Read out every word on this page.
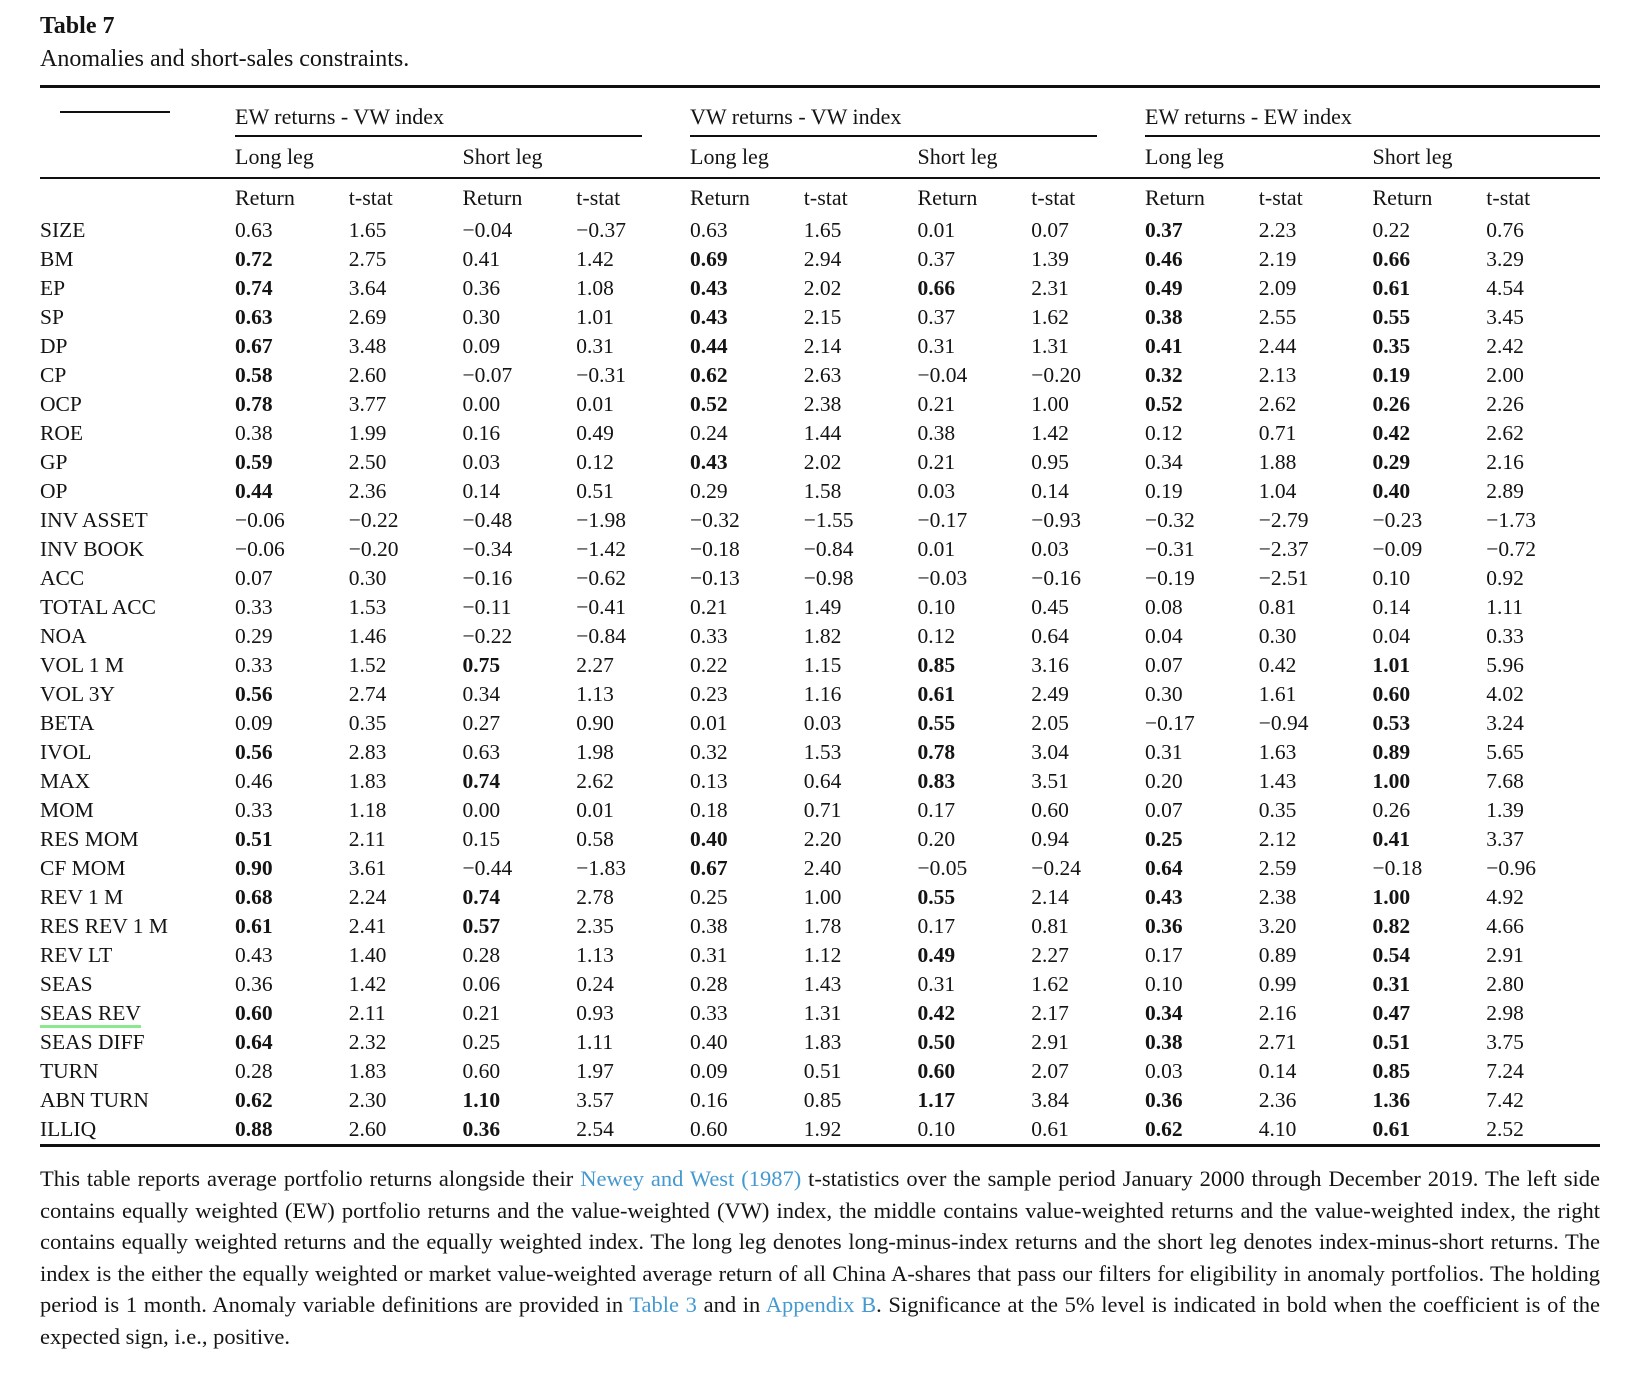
Table 7
Anomalies and short-sales constraints.
EW returns - VW index	VW returns - VW index	EW returns - EW index
Long leg	Short leg	Long leg	Short leg	Long leg	Short leg
Return	t-stat	Return	t-stat	Return	t-stat	Return	t-stat	Return	t-stat	Return	t-stat
SIZE	0.63	1.65	−0.04	−0.37	0.63	1.65	0.01	0.07	0.37	2.23	0.22	0.76
BM	0.72	2.75	0.41	1.42	0.69	2.94	0.37	1.39	0.46	2.19	0.66	3.29
EP	0.74	3.64	0.36	1.08	0.43	2.02	0.66	2.31	0.49	2.09	0.61	4.54
SP	0.63	2.69	0.30	1.01	0.43	2.15	0.37	1.62	0.38	2.55	0.55	3.45
DP	0.67	3.48	0.09	0.31	0.44	2.14	0.31	1.31	0.41	2.44	0.35	2.42
CP	0.58	2.60	−0.07	−0.31	0.62	2.63	−0.04	−0.20	0.32	2.13	0.19	2.00
OCP	0.78	3.77	0.00	0.01	0.52	2.38	0.21	1.00	0.52	2.62	0.26	2.26
ROE	0.38	1.99	0.16	0.49	0.24	1.44	0.38	1.42	0.12	0.71	0.42	2.62
GP	0.59	2.50	0.03	0.12	0.43	2.02	0.21	0.95	0.34	1.88	0.29	2.16
OP	0.44	2.36	0.14	0.51	0.29	1.58	0.03	0.14	0.19	1.04	0.40	2.89
INV ASSET	−0.06	−0.22	−0.48	−1.98	−0.32	−1.55	−0.17	−0.93	−0.32	−2.79	−0.23	−1.73
INV BOOK	−0.06	−0.20	−0.34	−1.42	−0.18	−0.84	0.01	0.03	−0.31	−2.37	−0.09	−0.72
ACC	0.07	0.30	−0.16	−0.62	−0.13	−0.98	−0.03	−0.16	−0.19	−2.51	0.10	0.92
TOTAL ACC	0.33	1.53	−0.11	−0.41	0.21	1.49	0.10	0.45	0.08	0.81	0.14	1.11
NOA	0.29	1.46	−0.22	−0.84	0.33	1.82	0.12	0.64	0.04	0.30	0.04	0.33
VOL 1 M	0.33	1.52	0.75	2.27	0.22	1.15	0.85	3.16	0.07	0.42	1.01	5.96
VOL 3Y	0.56	2.74	0.34	1.13	0.23	1.16	0.61	2.49	0.30	1.61	0.60	4.02
BETA	0.09	0.35	0.27	0.90	0.01	0.03	0.55	2.05	−0.17	−0.94	0.53	3.24
IVOL	0.56	2.83	0.63	1.98	0.32	1.53	0.78	3.04	0.31	1.63	0.89	5.65
MAX	0.46	1.83	0.74	2.62	0.13	0.64	0.83	3.51	0.20	1.43	1.00	7.68
MOM	0.33	1.18	0.00	0.01	0.18	0.71	0.17	0.60	0.07	0.35	0.26	1.39
RES MOM	0.51	2.11	0.15	0.58	0.40	2.20	0.20	0.94	0.25	2.12	0.41	3.37
CF MOM	0.90	3.61	−0.44	−1.83	0.67	2.40	−0.05	−0.24	0.64	2.59	−0.18	−0.96
REV 1 M	0.68	2.24	0.74	2.78	0.25	1.00	0.55	2.14	0.43	2.38	1.00	4.92
RES REV 1 M	0.61	2.41	0.57	2.35	0.38	1.78	0.17	0.81	0.36	3.20	0.82	4.66
REV LT	0.43	1.40	0.28	1.13	0.31	1.12	0.49	2.27	0.17	0.89	0.54	2.91
SEAS	0.36	1.42	0.06	0.24	0.28	1.43	0.31	1.62	0.10	0.99	0.31	2.80
SEAS REV	0.60	2.11	0.21	0.93	0.33	1.31	0.42	2.17	0.34	2.16	0.47	2.98
SEAS DIFF	0.64	2.32	0.25	1.11	0.40	1.83	0.50	2.91	0.38	2.71	0.51	3.75
TURN	0.28	1.83	0.60	1.97	0.09	0.51	0.60	2.07	0.03	0.14	0.85	7.24
ABN TURN	0.62	2.30	1.10	3.57	0.16	0.85	1.17	3.84	0.36	2.36	1.36	7.42
ILLIQ	0.88	2.60	0.36	2.54	0.60	1.92	0.10	0.61	0.62	4.10	0.61	2.52
This table reports average portfolio returns alongside their Newey and West (1987) t-statistics over the sample period January 2000 through December 2019. The left side contains equally weighted (EW) portfolio returns and the value-weighted (VW) index, the middle contains value-weighted returns and the value-weighted index, the right contains equally weighted returns and the equally weighted index. The long leg denotes long-minus-index returns and the short leg denotes index-minus-short returns. The index is the either the equally weighted or market value-weighted average return of all China A-shares that pass our filters for eligibility in anomaly portfolios. The holding period is 1 month. Anomaly variable definitions are provided in Table 3 and in Appendix B. Significance at the 5% level is indicated in bold when the coefficient is of the expected sign, i.e., positive.
